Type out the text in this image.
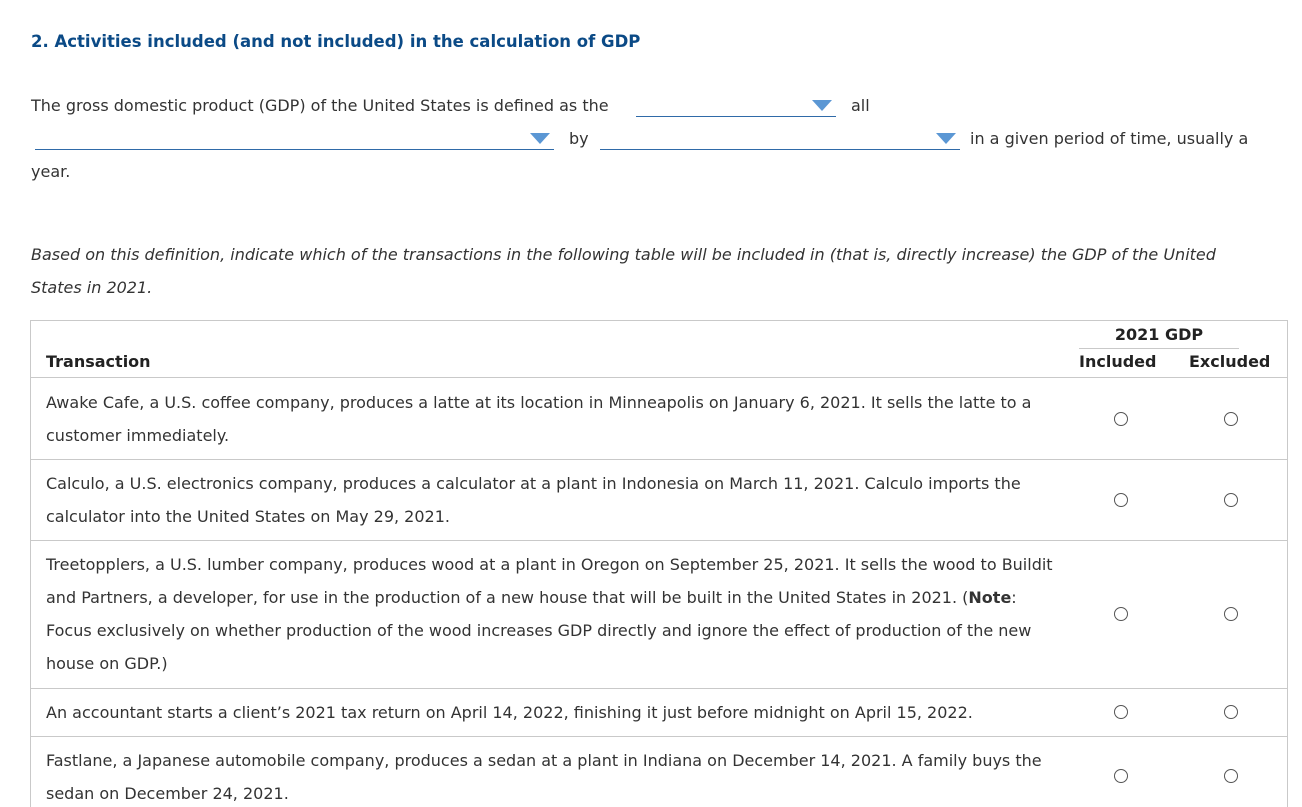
2. Activities included (and not included) in the calculation of GDP
The gross domestic product (GDP) of the United States is defined as the	all
by	in a given period of time, usually a
year.
Based on this definition, indicate which of the transactions in the following table will be included in (that is, directly increase) the GDP of the United
States in 2021.
Transaction
2021 GDP
Included Excluded
Awake Cafe, a U.S. coffee company, produces a latte at its location in Minneapolis on January 6, 2021. It sells the latte to a customer immediately.
Calculo, a U.S. electronics company, produces a calculator at a plant in Indonesia on March 11, 2021. Calculo imports the calculator into the United States on May 29, 2021.
Treetopplers, a U.S. lumber company, produces wood at a plant in Oregon on September 25, 2021. It sells the wood to Buildit and Partners, a developer, for use in the production of a new house that will be built in the United States in 2021. (Note: Focus exclusively on whether production of the wood increases GDP directly and ignore the effect of production of the new house on GDP.)
An accountant starts a client’s 2021 tax return on April 14, 2022, finishing it just before midnight on April 15, 2022.
Fastlane, a Japanese automobile company, produces a sedan at a plant in Indiana on December 14, 2021. A family buys the sedan on December 24, 2021.
